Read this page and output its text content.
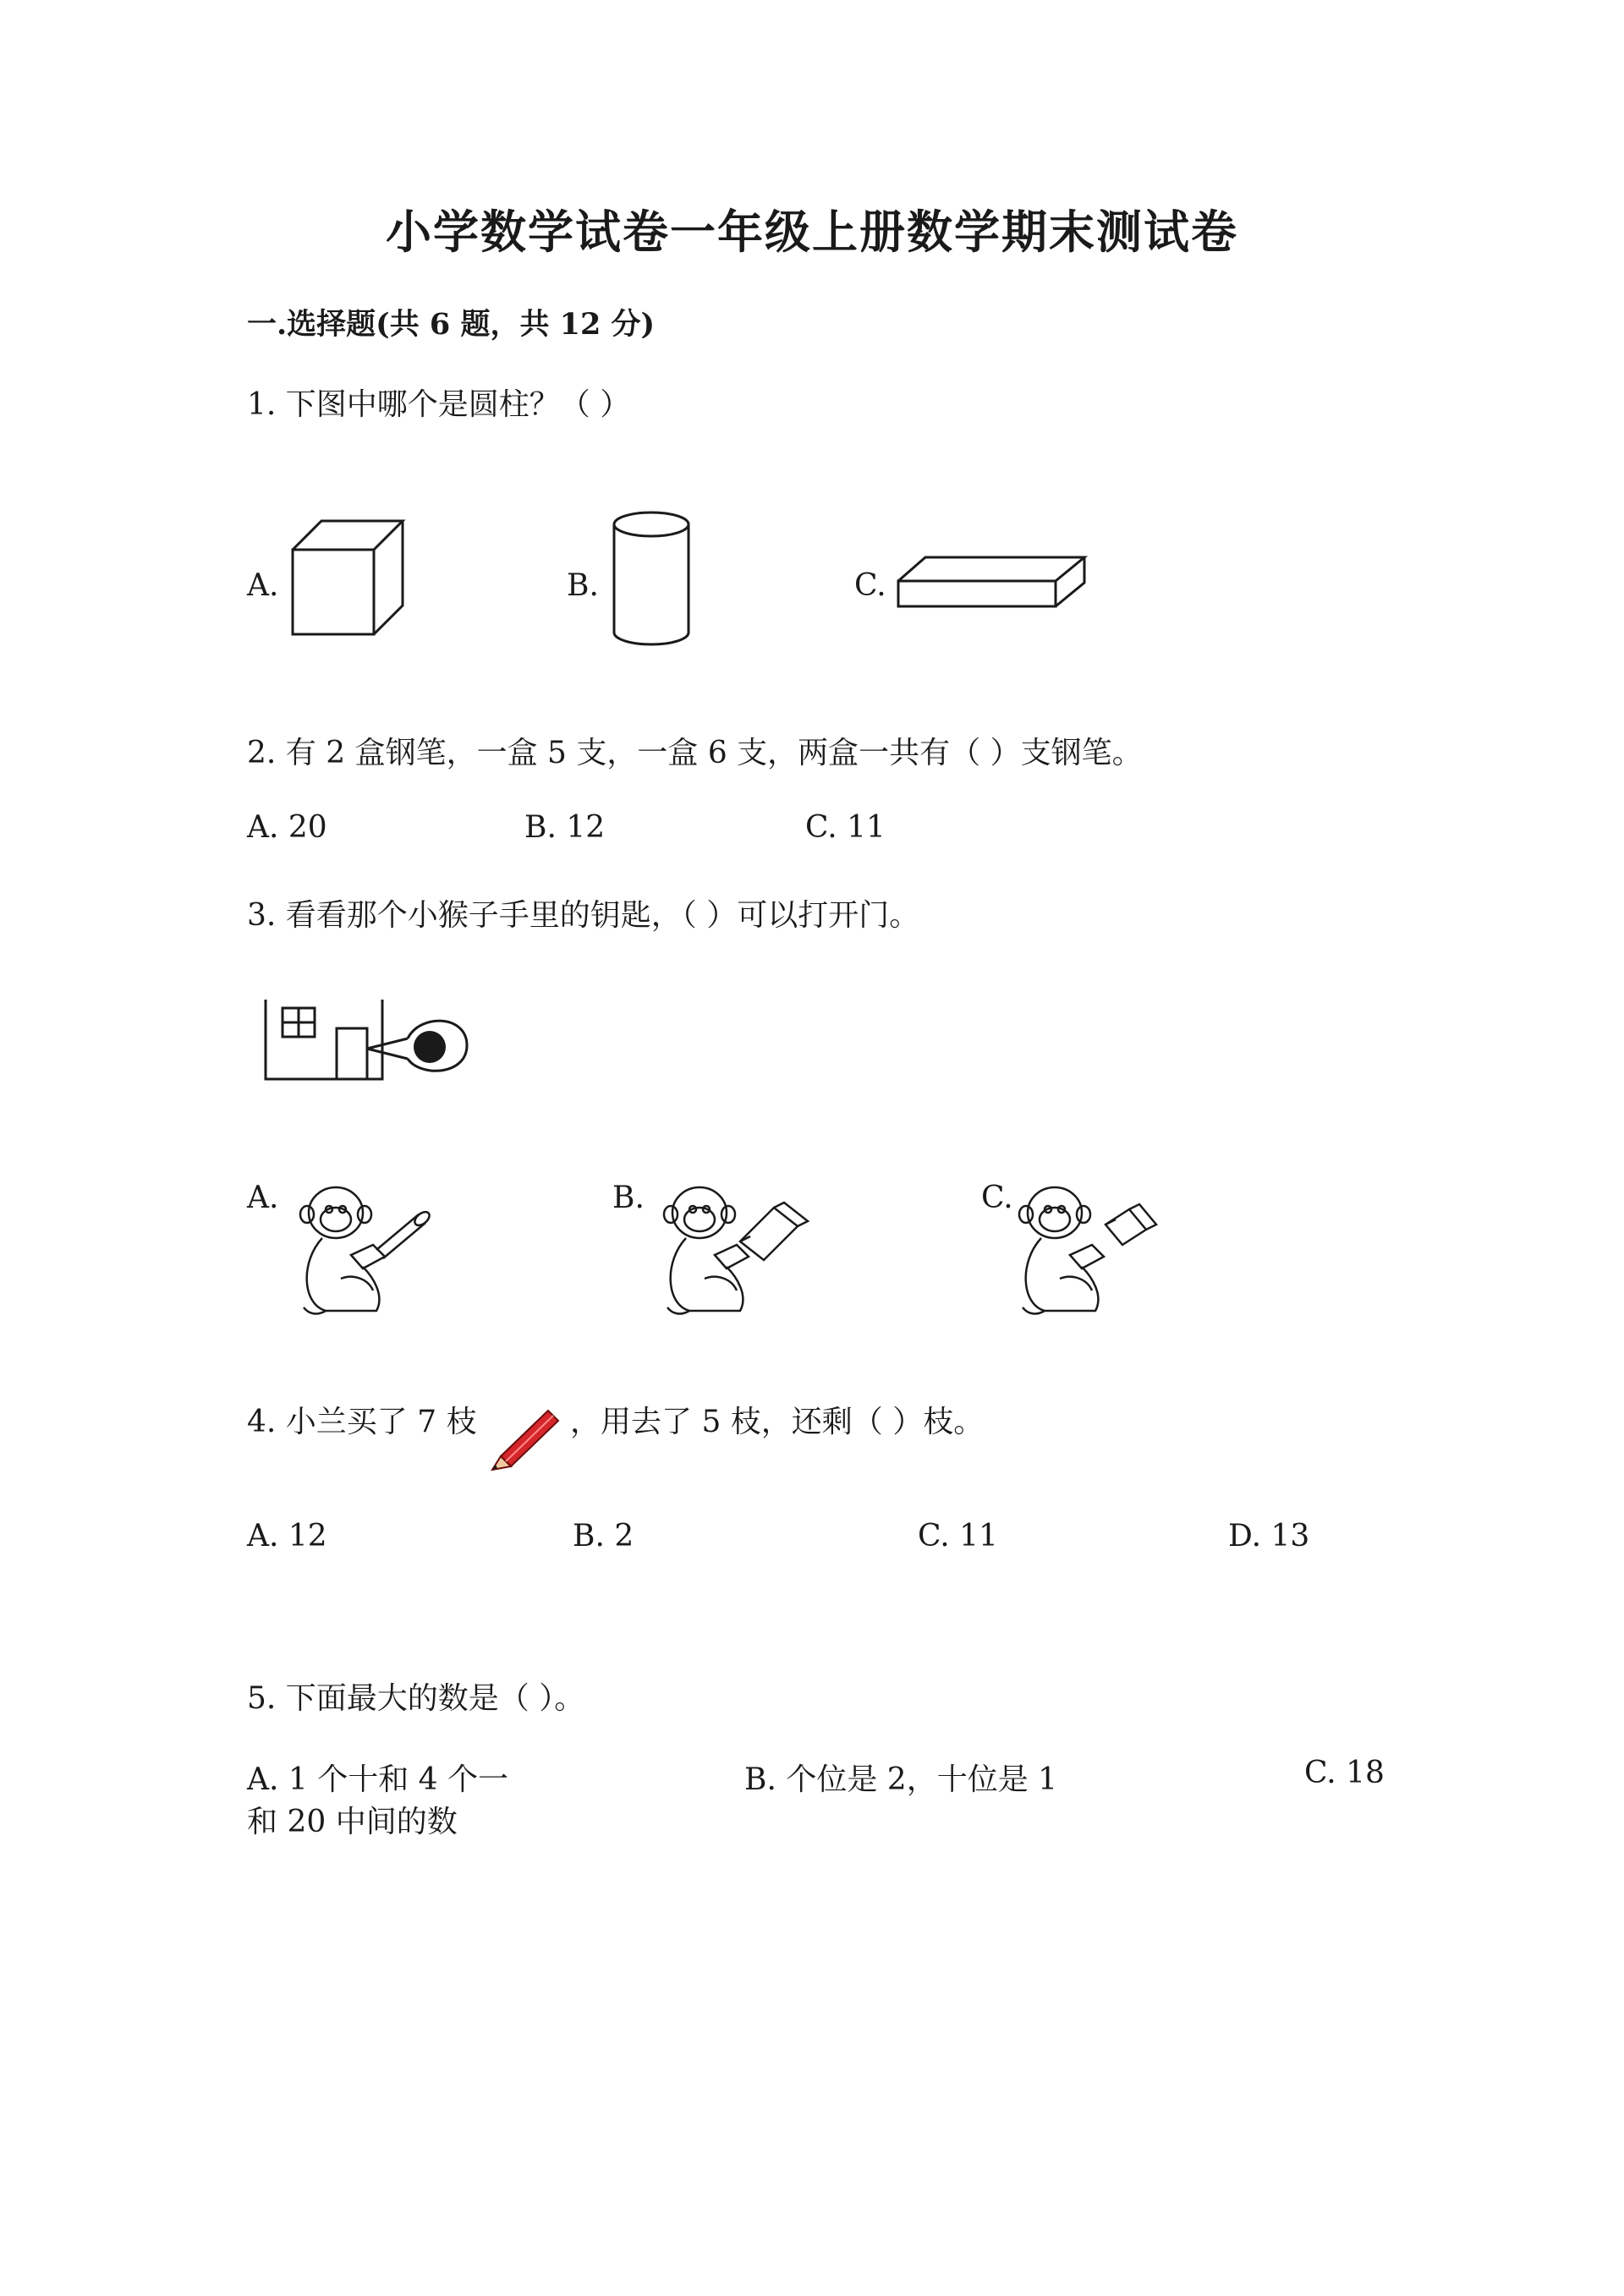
小学数学试卷一年级上册数学期末测试卷
一.选择题(共 6 题，共 12 分)
1. 下图中哪个是圆柱？（ ）
A.	B.	C.
2. 有 2 盒钢笔，一盒 5 支，一盒 6 支，两盒一共有（ ）支钢笔。
A. 20	B. 12	C. 11
3. 看看那个小猴子手里的钥匙，（ ）可以打开门。
A.	B.	C.
4. 小兰买了 7 枝	，用去了 5 枝，还剩（ ）枝。
A. 12	B. 2	C. 11	D. 13
5. 下面最大的数是（ ）。
A. 1 个十和 4 个一
和 20 中间的数
B. 个位是 2，十位是 1	C. 18
